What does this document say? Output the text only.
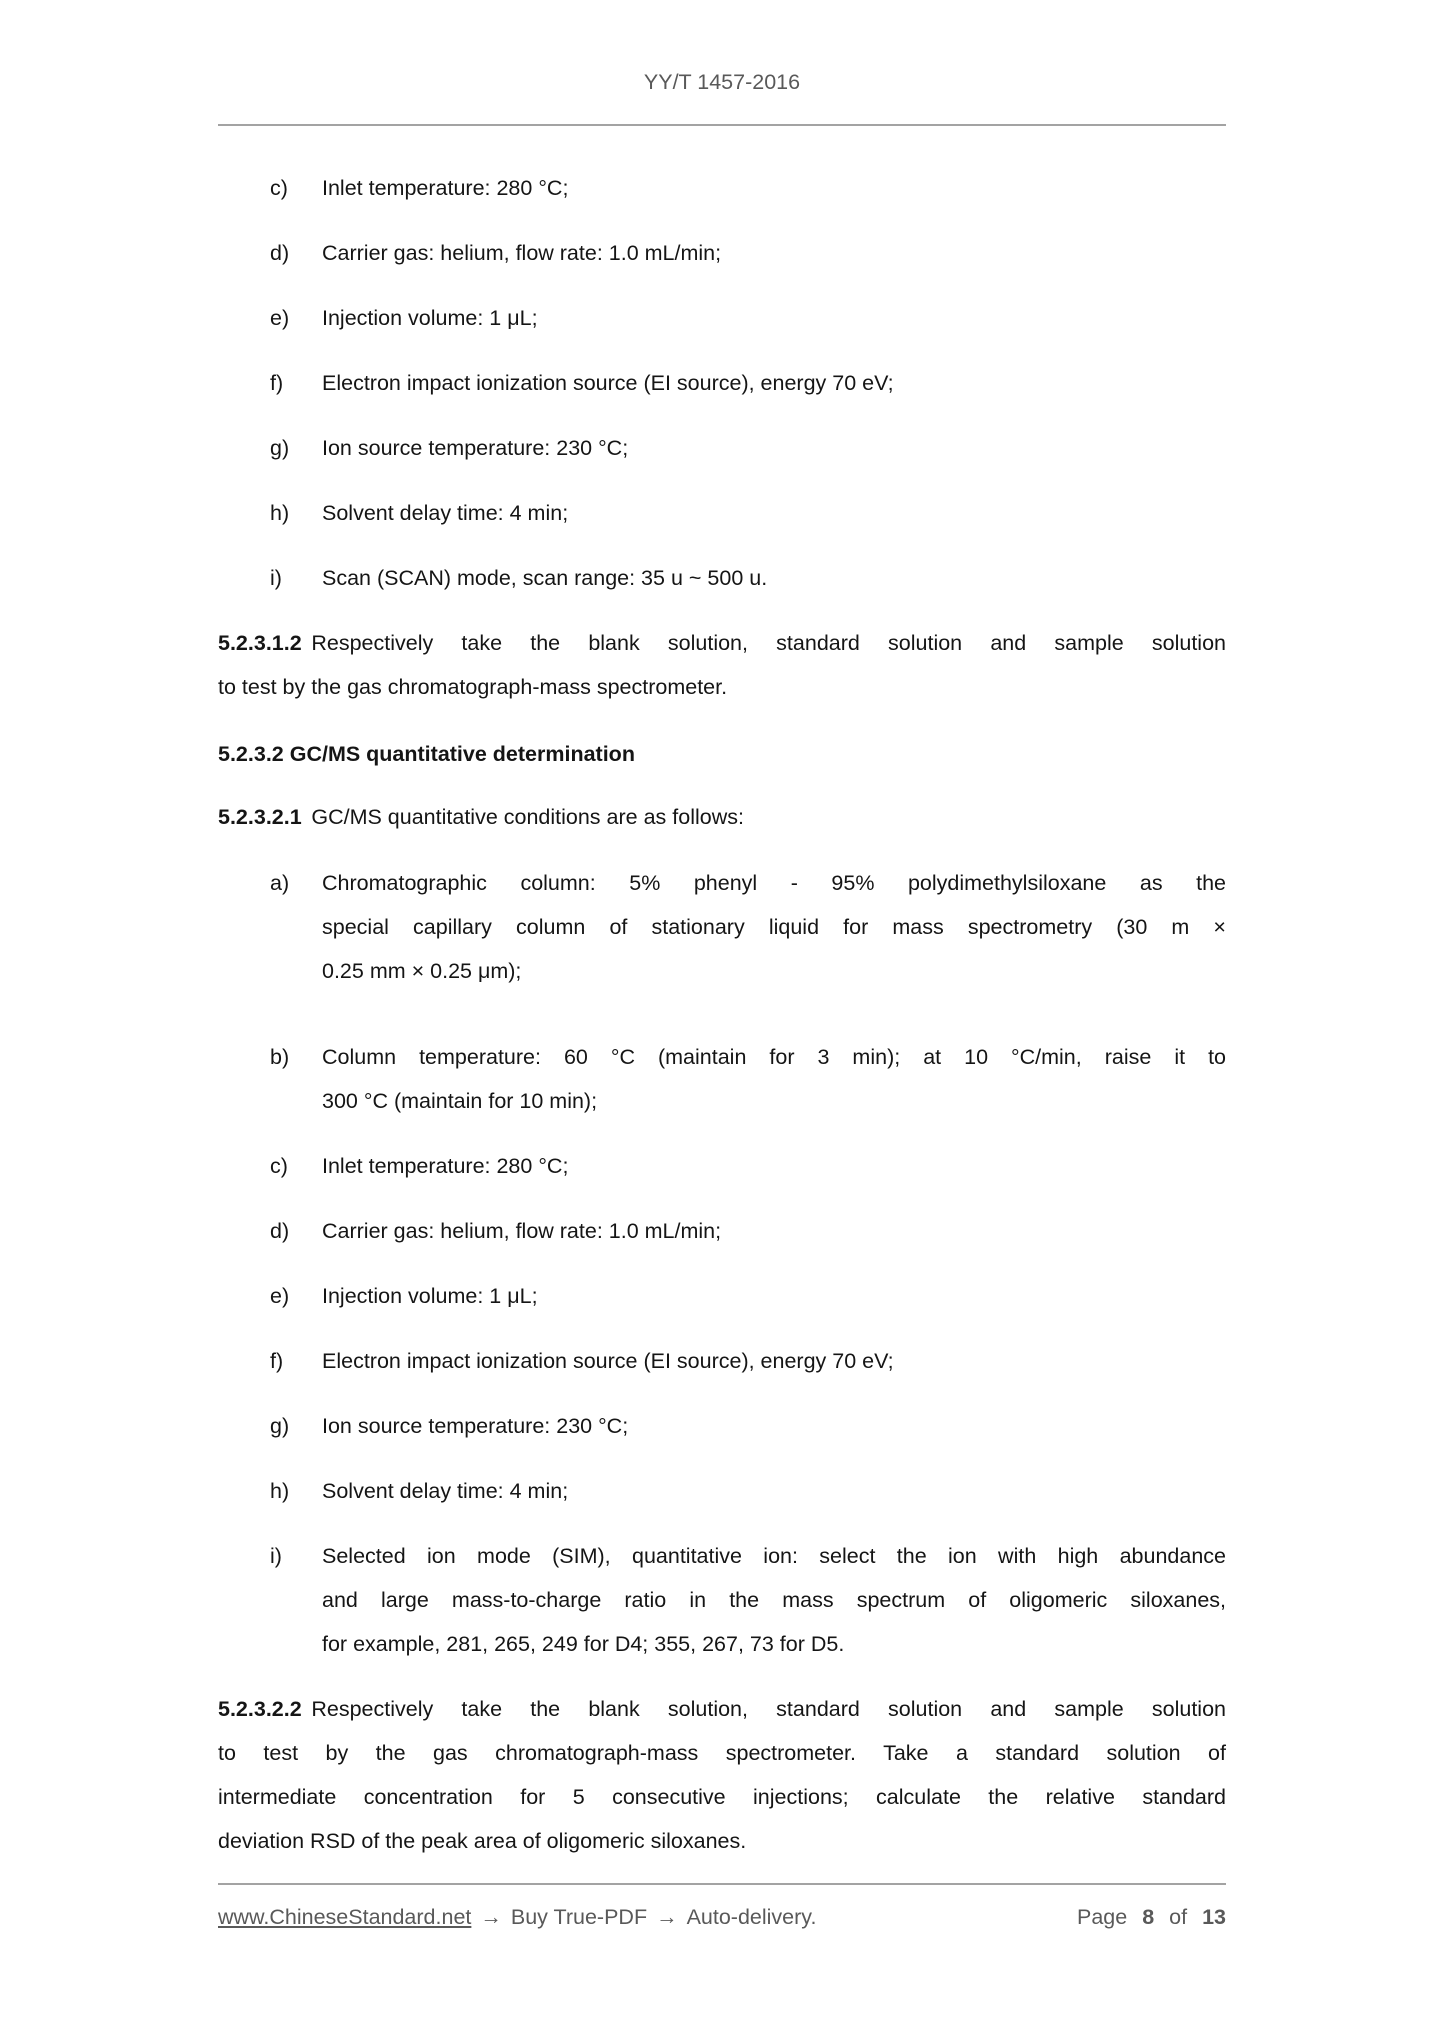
YY/T 1457-2016
c)	Inlet temperature: 280 °C;
d)	Carrier gas: helium, flow rate: 1.0 mL/min;
e)	Injection volume: 1 μL;
f)	Electron impact ionization source (EI source), energy 70 eV;
g)	Ion source temperature: 230 °C;
h)	Solvent delay time: 4 min;
i)	Scan (SCAN) mode, scan range: 35 u ~ 500 u.
5.2.3.1.2 Respectively take the blank solution, standard solution and sample solution
to test by the gas chromatograph-mass spectrometer.
5.2.3.2 GC/MS quantitative determination
5.2.3.2.1 GC/MS quantitative conditions are as follows:
a)	Chromatographic column: 5% phenyl - 95% polydimethylsiloxane as the
special capillary column of stationary liquid for mass spectrometry (30 m ×
0.25 mm × 0.25 μm);
b)	Column temperature: 60 °C (maintain for 3 min); at 10 °C/min, raise it to
300 °C (maintain for 10 min);
c)	Inlet temperature: 280 °C;
d)	Carrier gas: helium, flow rate: 1.0 mL/min;
e)	Injection volume: 1 μL;
f)	Electron impact ionization source (EI source), energy 70 eV;
g)	Ion source temperature: 230 °C;
h)	Solvent delay time: 4 min;
i)	Selected ion mode (SIM), quantitative ion: select the ion with high abundance
and large mass-to-charge ratio in the mass spectrum of oligomeric siloxanes,
for example, 281, 265, 249 for D4; 355, 267, 73 for D5.
5.2.3.2.2 Respectively take the blank solution, standard solution and sample solution
to test by the gas chromatograph-mass spectrometer. Take a standard solution of
intermediate concentration for 5 consecutive injections; calculate the relative standard
deviation RSD of the peak area of oligomeric siloxanes.
www.ChineseStandard.net → Buy True-PDF → Auto-delivery.	Page 8 of 13
